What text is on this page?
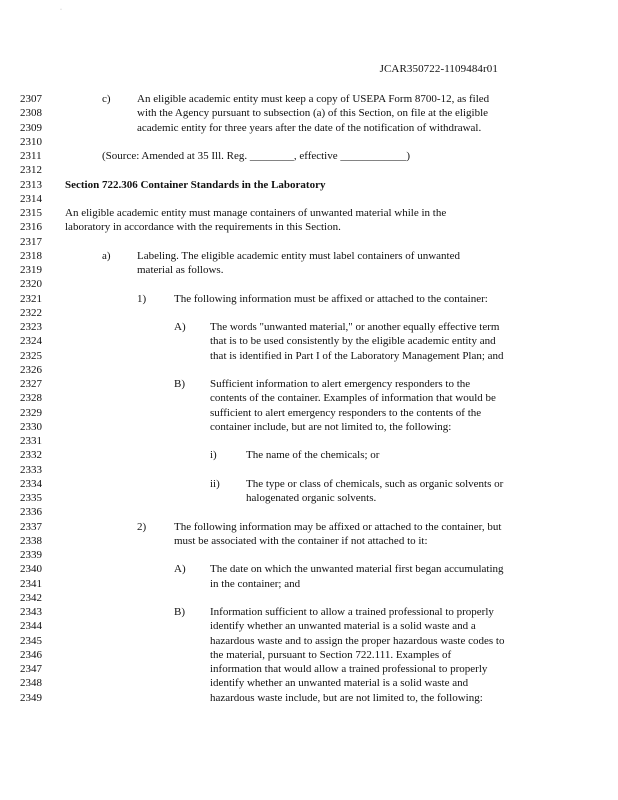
·
JCAR350722-1109484r01
2307	c) An eligible academic entity must keep a copy of USEPA Form 8700-12, as filed
2308	with the Agency pursuant to subsection (a) of this Section, on file at the eligible
2309	academic entity for three years after the date of the notification of withdrawal.
2310
2311	(Source: Amended at 35 Ill. Reg. ________, effective ____________)
2312
2313 Section 722.306 Container Standards in the Laboratory
2314
2315 An eligible academic entity must manage containers of unwanted material while in the
2316 laboratory in accordance with the requirements in this Section.
2317
2318	a) Labeling. The eligible academic entity must label containers of unwanted
2319	material as follows.
2320
2321	1)	The following information must be affixed or attached to the container:
2322
2323	A) The words "unwanted material," or another equally effective term
2324	that is to be used consistently by the eligible academic entity and
2325	that is identified in Part I of the Laboratory Management Plan; and
2326
2327	B) Sufficient information to alert emergency responders to the
2328	contents of the container. Examples of information that would be
2329	sufficient to alert emergency responders to the contents of the
2330	container include, but are not limited to, the following:
2331
2332	i)	The name of the chemicals; or
2333
2334	ii) The type or class of chemicals, such as organic solvents or
2335	halogenated organic solvents.
2336
2337	2)	The following information may be affixed or attached to the container, but
2338	must be associated with the container if not attached to it:
2339
2340	A) The date on which the unwanted material first began accumulating
2341	in the container; and
2342
2343	B) Information sufficient to allow a trained professional to properly
2344	identify whether an unwanted material is a solid waste and a
2345	hazardous waste and to assign the proper hazardous waste codes to
2346	the material, pursuant to Section 722.111. Examples of
2347	information that would allow a trained professional to properly
2348	identify whether an unwanted material is a solid waste and
2349	hazardous waste include, but are not limited to, the following:
